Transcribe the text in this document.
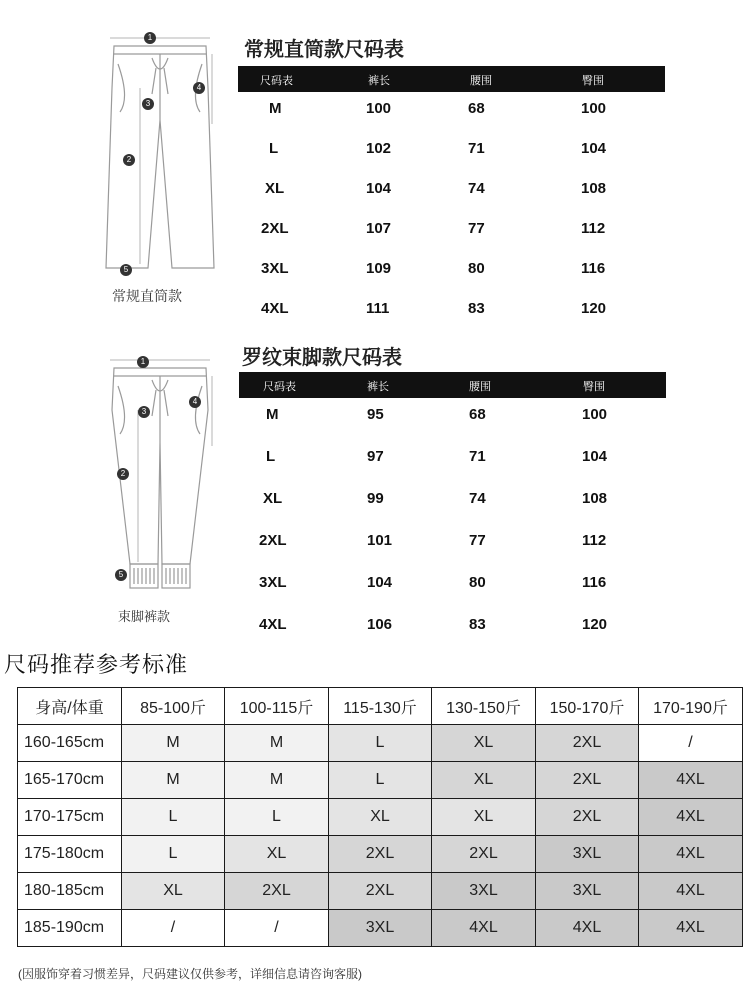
1
2
3
4
5
常规直筒款
常规直筒款尺码表
尺码表	裤长	腰围	臀围
M	100	68	100
L	102	71	104
XL	104	74	108
2XL	107	77	112
3XL	109	80	116
4XL	111	83	120
1
2
3
4
5
束脚裤款
罗纹束脚款尺码表
尺码表	裤长	腰围	臀围
M	95	68	100
L	97	71	104
XL	99	74	108
2XL	101	77	112
3XL	104	80	116
4XL	106	83	120
尺码推荐参考标准
身高/体重	85-100斤	100-115斤	115-130斤	130-150斤	150-170斤	170-190斤
160-165cm	M	M	L	XL	2XL	/
165-170cm	M	M	L	XL	2XL	4XL
170-175cm	L	L	XL	XL	2XL	4XL
175-180cm	L	XL	2XL	2XL	3XL	4XL
180-185cm	XL	2XL	2XL	3XL	3XL	4XL
185-190cm	/	/	3XL	4XL	4XL	4XL
(因服饰穿着习惯差异，尺码建议仅供参考，详细信息请咨询客服)
